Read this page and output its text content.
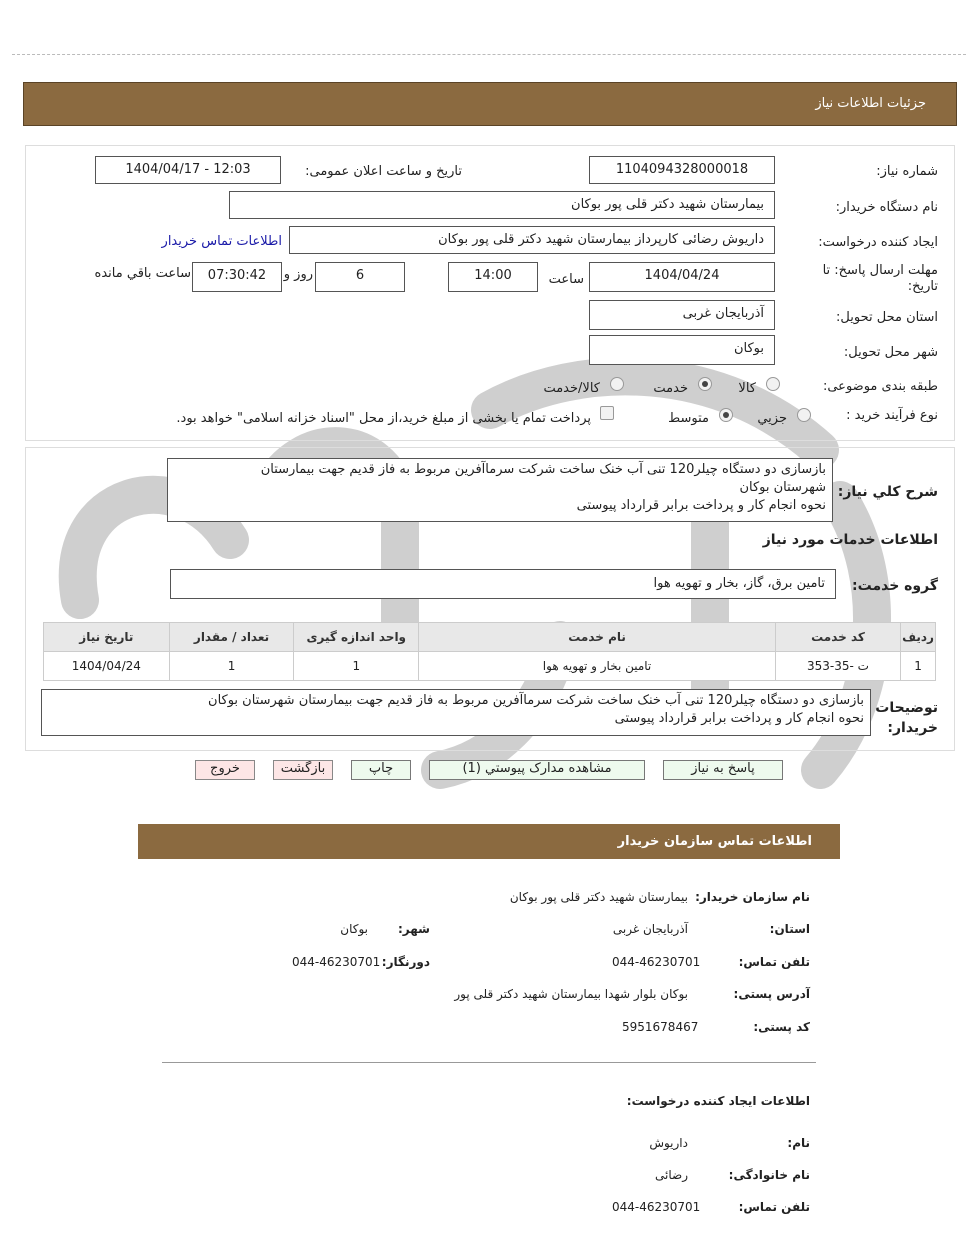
جزئیات اطلاعات نیاز
شماره نیاز:
1104094328000018
تاریخ و ساعت اعلان عمومی:
1404/04/17 - 12:03
نام دستگاه خریدار:
بیمارستان شهید دکتر قلی پور بوکان
ایجاد کننده درخواست:
داریوش رضائی کارپرداز بیمارستان شهید دکتر قلی پور بوکان
اطلاعات تماس خریدار
مهلت ارسال پاسخ: تا تاریخ:
1404/04/24
ساعت
14:00
6
روز و
07:30:42
ساعت باقي مانده
استان محل تحویل:
آذربایجان غربی
شهر محل تحویل:
بوکان
طبقه بندی موضوعی:
کالا
خدمت
کالا/خدمت
نوع فرآیند خرید :
جزیي
متوسط
پرداخت تمام یا بخشی از مبلغ خرید،از محل "اسناد خزانه اسلامی" خواهد بود.
شرح كلي نياز:
بازسازی دو دستگاه چیلر120 تنی آب خنک ساخت شرکت سرماآفرین مربوط به فاز قدیم جهت بیمارستان
شهرستان بوکان
نحوه انجام کار و پرداخت برابر قرارداد پیوستی
اطلاعات خدمات مورد نیاز
گروه خدمت:
تامین برق، گاز، بخار و تهویه هوا
ردیف	کد خدمت	نام خدمت	واحد اندازه گیری	تعداد / مقدار	تاریخ نیاز
1	ت -35-353	تامین بخار و تهویه هوا	1	1	1404/04/24
توضیحات
خریدار:
بازسازی دو دستگاه چیلر120 تنی آب خنک ساخت شرکت سرماآفرین مربوط به فاز قدیم جهت بیمارستان شهرستان بوکان
نحوه انجام کار و پرداخت برابر قرارداد پیوستی
پاسخ به نیاز
مشاهده مدارک پیوستي (1)
چاپ
بازگشت
خروج
اطلاعات تماس سازمان خریدار
نام سازمان خریدار:
بیمارستان شهید دکتر قلی پور بوکان
استان:
آذربایجان غربی
شهر:
بوکان
تلفن تماس:
044-46230701
دورنگار:
044-46230701
آدرس پستی:
بوکان بلوار شهدا بیمارستان شهید دکتر قلی پور
کد پستی:
5951678467
اطلاعات ایجاد کننده درخواست:
نام:
داریوش
نام خانوادگی:
رضائی
تلفن تماس:
044-46230701
